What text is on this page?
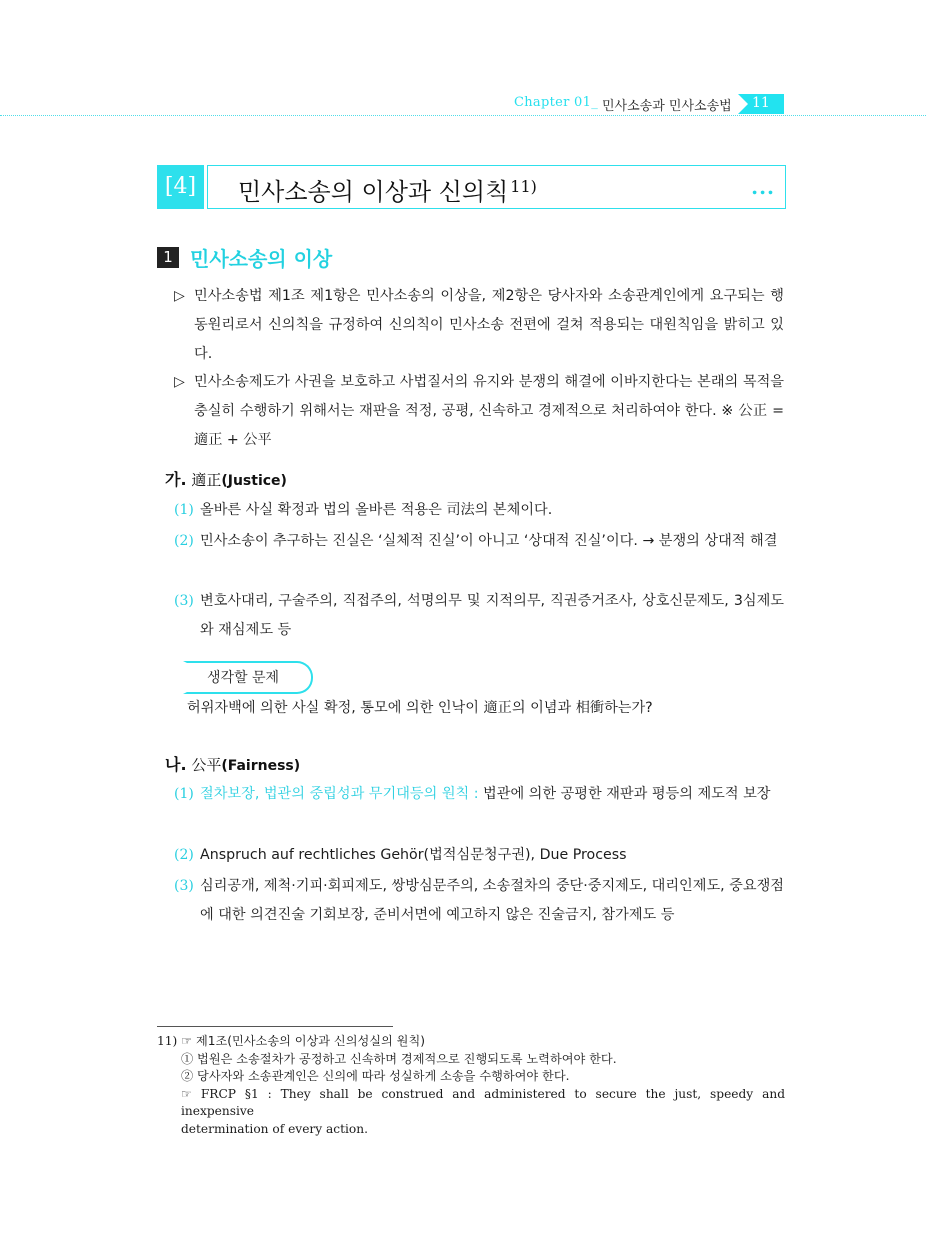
Chapter 01_ 민사소송과 민사소송법 11
[4]	민사소송의 이상과 신의칙 $^{11)}$	...
1 민사소송의 이상
▷ 민사소송법 제1조 제1항은 민사소송의 이상을, 제2항은 당사자와 소송관계인에게 요구되는 행동원리로서 신의칙을 규정하여 신의칙이 민사소송 전편에 걸쳐 적용되는 대원칙임을 밝히고 있다.
▷ 민사소송제도가 사권을 보호하고 사법질서의 유지와 분쟁의 해결에 이바지한다는 본래의 목적을 충실히 수행하기 위해서는 재판을 적정, 공평, 신속하고 경제적으로 처리하여야 한다. ※ 公正 = 適正 + 公平
가. 適正(Justice)
(1) 올바른 사실 확정과 법의 올바른 적용은 司法의 본체이다.
(2) 민사소송이 추구하는 진실은 ‘실체적 진실’이 아니고 ‘상대적 진실’이다. → 분쟁의 상대적 해결
(3) 변호사대리, 구술주의, 직접주의, 석명의무 및 지적의무, 직권증거조사, 상호신문제도, 3심제도와 재심제도 등
생각할 문제
허위자백에 의한 사실 확정, 통모에 의한 인낙이 適正의 이념과 相衝하는가?
나. 公平(Fairness)
(1) 절차보장, 법관의 중립성과 무기대등의 원칙 : 법관에 의한 공평한 재판과 평등의 제도적 보장
(2) Anspruch auf rechtliches Gehör(법적심문청구권), Due Process
(3) 심리공개, 제척·기피·회피제도, 쌍방심문주의, 소송절차의 중단·중지제도, 대리인제도, 중요쟁점에 대한 의견진술 기회보장, 준비서면에 예고하지 않은 진술금지, 참가제도 등
11) ☞ 제1조(민사소송의 이상과 신의성실의 원칙)
① 법원은 소송절차가 공정하고 신속하며 경제적으로 진행되도록 노력하여야 한다.
② 당사자와 소송관계인은 신의에 따라 성실하게 소송을 수행하여야 한다.
☞ FRCP §1 : They shall be construed and administered to secure the just, speedy and inexpensive
determination of every action.
